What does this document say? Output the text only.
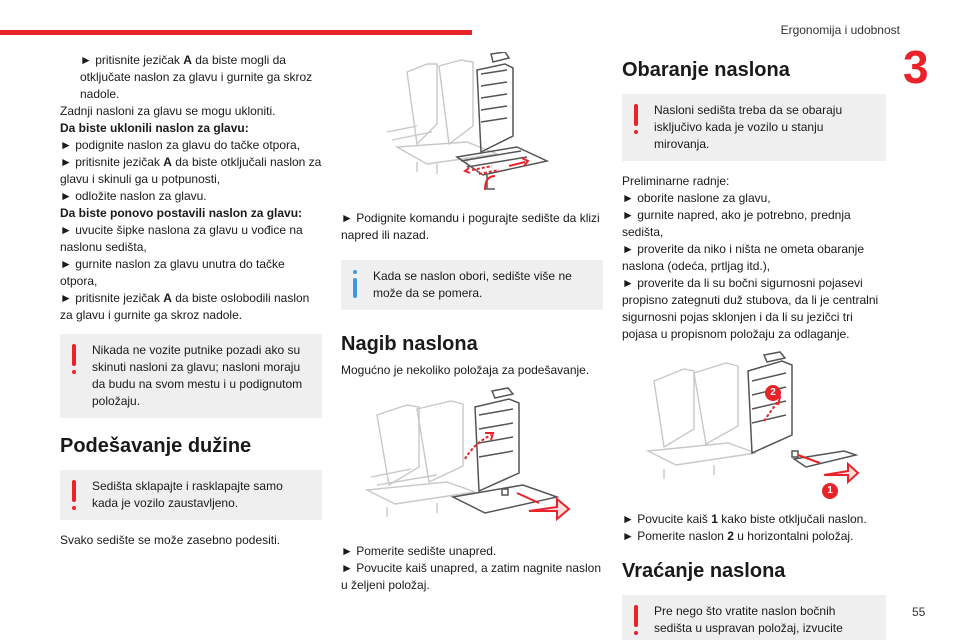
Ergonomija i udobnost
3
55
► pritisnite jezičak A da biste mogli da otključate naslon za glavu i gurnite ga skroz nadole.
Zadnji nasloni za glavu se mogu ukloniti.
Da biste uklonili naslon za glavu:
► podignite naslon za glavu do tačke otpora,
► pritisnite jezičak A da biste otključali naslon za glavu i skinuli ga u potpunosti,
► odložite naslon za glavu.
Da biste ponovo postavili naslon za glavu:
► uvucite šipke naslona za glavu u vođice na naslonu sedišta,
► gurnite naslon za glavu unutra do tačke otpora,
► pritisnite jezičak A da biste oslobodili naslon za glavu i gurnite ga skroz nadole.
Nikada ne vozite putnike pozadi ako su skinuti nasloni za glavu; nasloni moraju da budu na svom mestu i u podignutom položaju.
Podešavanje dužine
Sedišta sklapajte i rasklapajte samo kada je vozilo zaustavljeno.
Svako sedište se može zasebno podesiti.
► Podignite komandu i pogurajte sedište da klizi napred ili nazad.
Kada se naslon obori, sedište više ne može da se pomera.
Nagib naslona
Mogućno je nekoliko položaja za podešavanje.
► Pomerite sedište unapred.
► Povucite kaiš unapred, a zatim nagnite naslon u željeni položaj.
Obaranje naslona
Nasloni sedišta treba da se obaraju isključivo kada je vozilo u stanju mirovanja.
Preliminarne radnje:
► oborite naslone za glavu,
► gurnite napred, ako je potrebno, prednja sedišta,
► proverite da niko i ništa ne ometa obaranje naslona (odeća, prtljag itd.),
► proverite da li su bočni sigurnosni pojasevi propisno zategnuti duž stubova, da li je centralni sigurnosni pojas sklonjen i da li su jezičci tri pojasa u propisnom položaju za odlaganje.
2
1
► Povucite kaiš 1 kako biste otključali naslon.
► Pomerite naslon 2 u horizontalni položaj.
Vraćanje naslona
Pre nego što vratite naslon bočnih sedišta u uspravan položaj, izvucite
